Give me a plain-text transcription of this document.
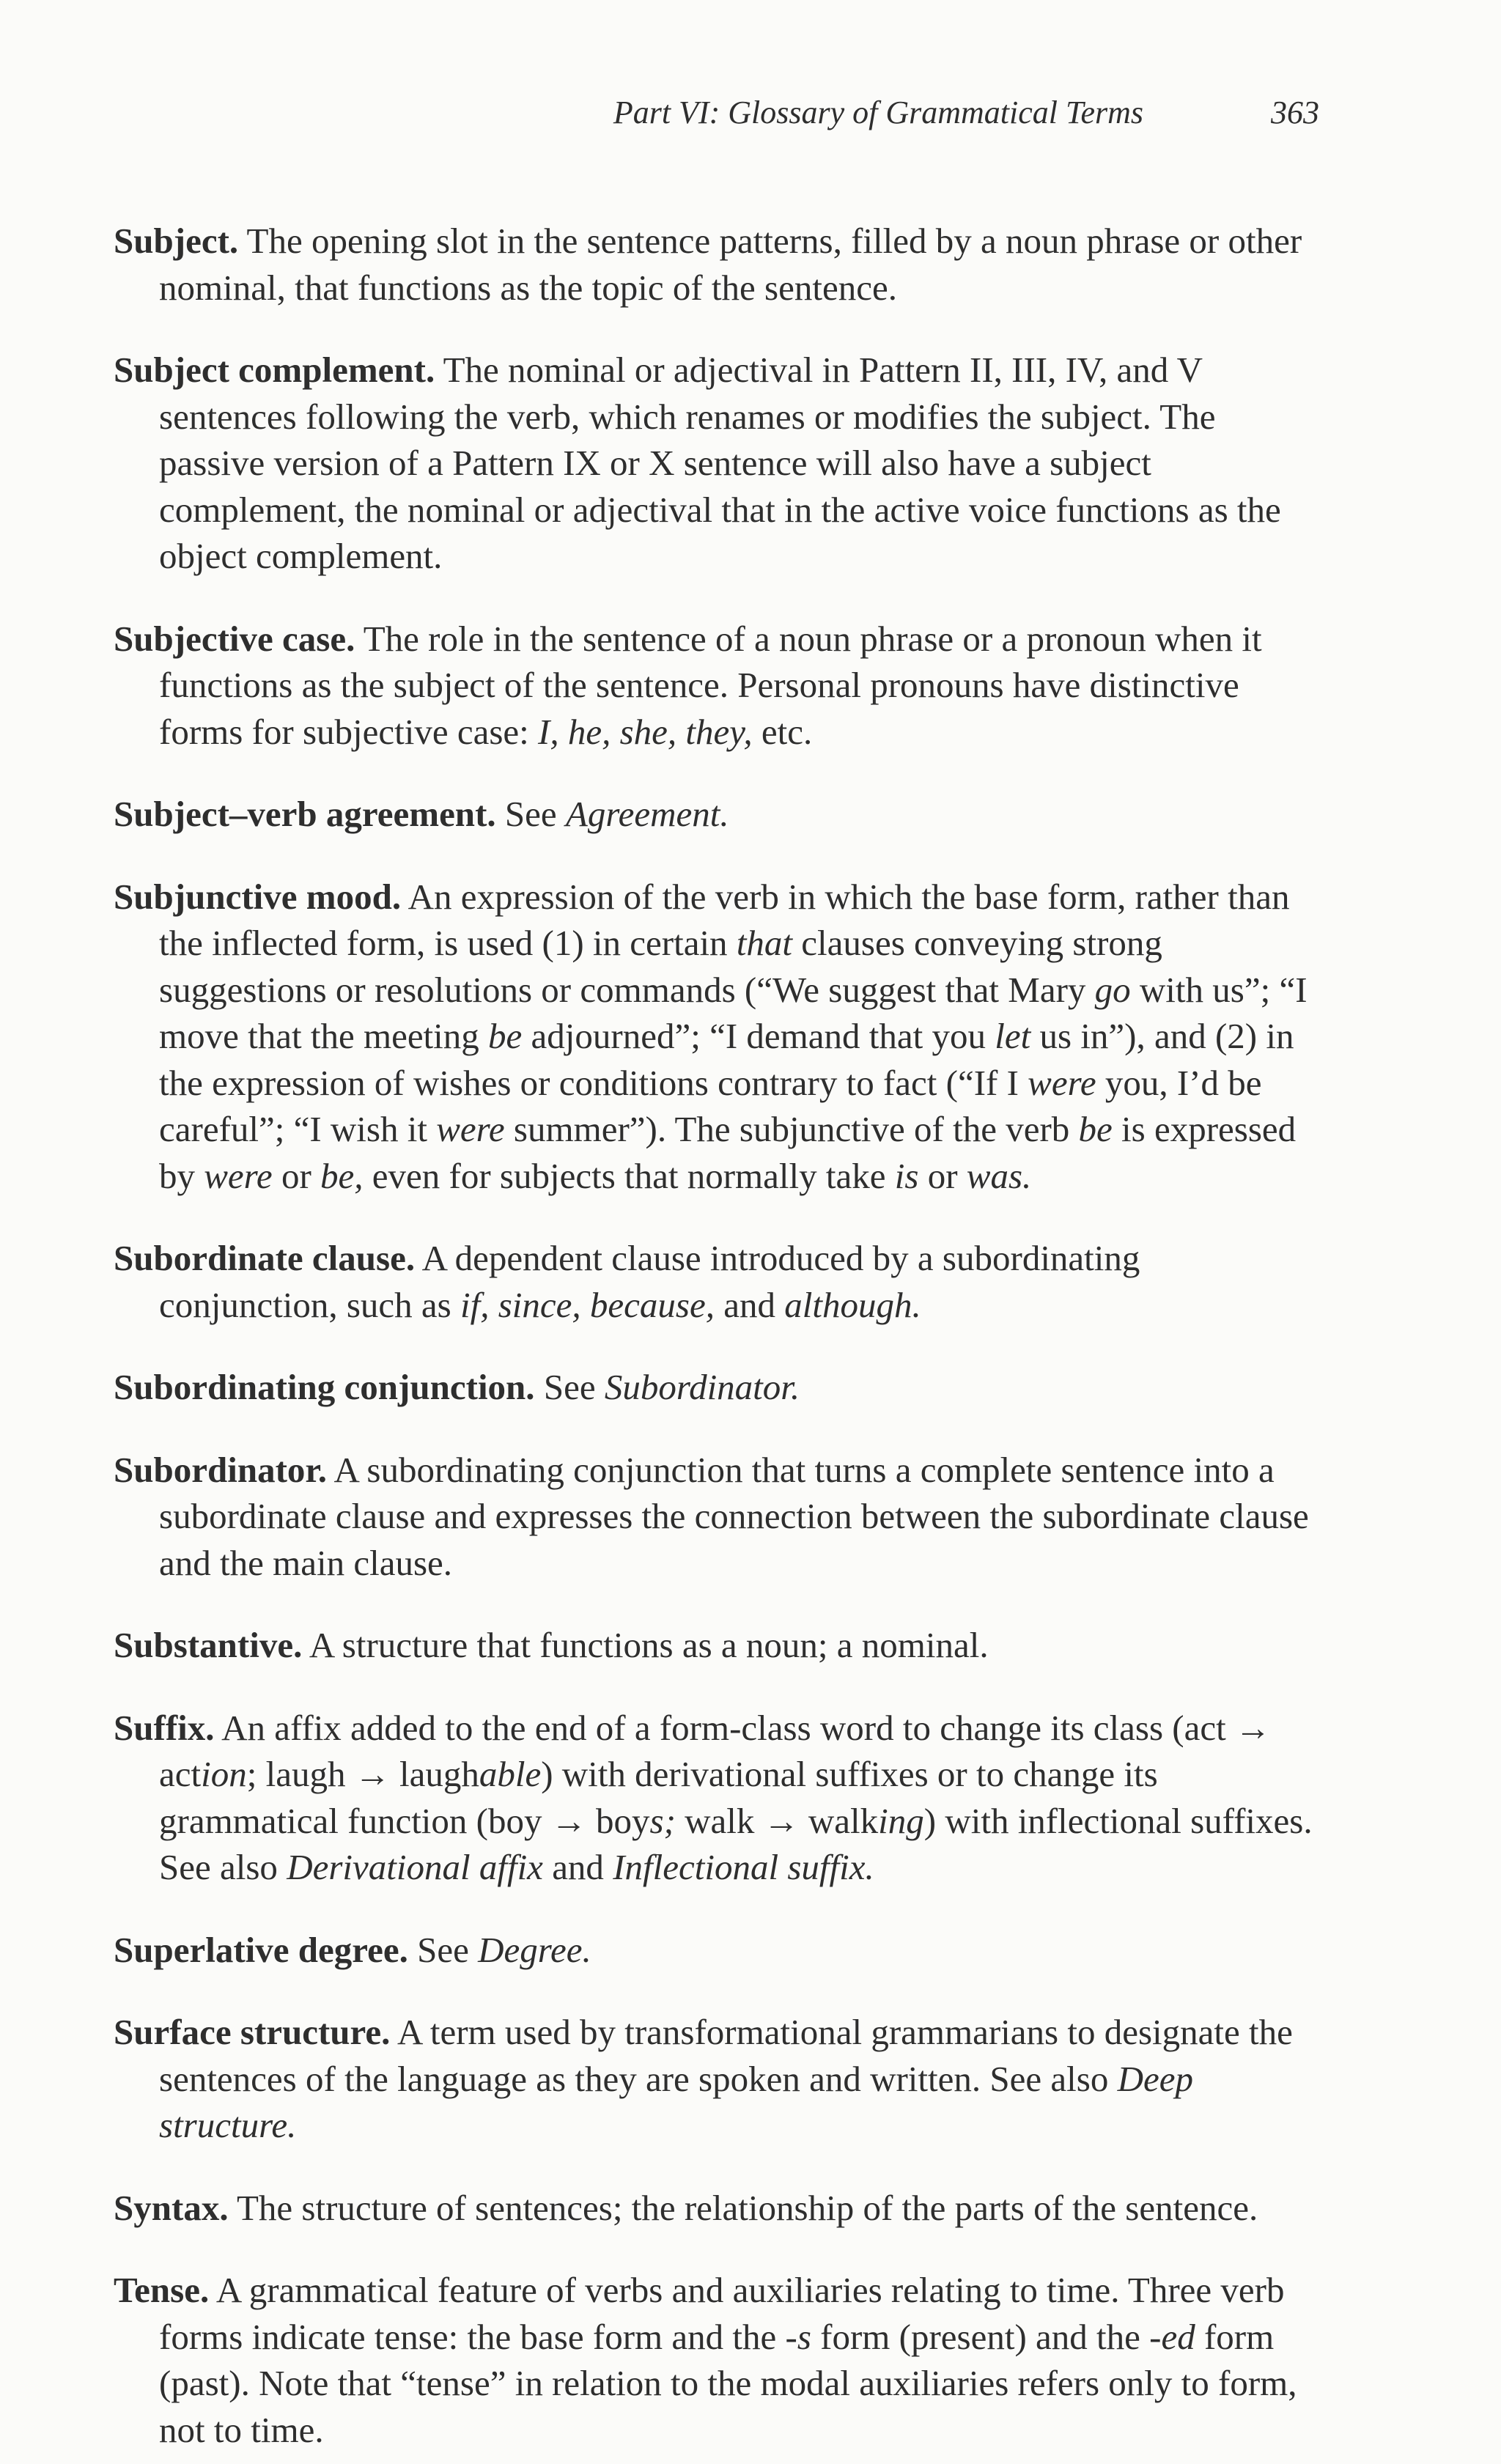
Part VI: Glossary of Grammatical Terms	363

Subject. The opening slot in the sentence patterns, filled by a noun phrase or other nominal, that functions as the topic of the sentence.

Subject complement. The nominal or adjectival in Pattern II, III, IV, and V sentences following the verb, which renames or modifies the subject. The passive version of a Pattern IX or X sentence will also have a subject complement, the nominal or adjectival that in the active voice functions as the object complement.

Subjective case. The role in the sentence of a noun phrase or a pronoun when it functions as the subject of the sentence. Personal pronouns have distinctive forms for subjective case: I, he, she, they, etc.

Subject–verb agreement. See Agreement.

Subjunctive mood. An expression of the verb in which the base form, rather than the inflected form, is used (1) in certain that clauses conveying strong suggestions or resolutions or commands (“We suggest that Mary go with us”; “I move that the meeting be adjourned”; “I demand that you let us in”), and (2) in the expression of wishes or conditions contrary to fact (“If I were you, I’d be careful”; “I wish it were summer”). The subjunctive of the verb be is expressed by were or be, even for subjects that normally take is or was.

Subordinate clause. A dependent clause introduced by a subordinating conjunction, such as if, since, because, and although.

Subordinating conjunction. See Subordinator.

Subordinator. A subordinating conjunction that turns a complete sentence into a subordinate clause and expresses the connection between the subordinate clause and the main clause.

Substantive. A structure that functions as a noun; a nominal.

Suffix. An affix added to the end of a form-class word to change its class (act → action; laugh → laughable) with derivational suffixes or to change its grammatical function (boy → boys; walk → walking) with inflectional suffixes. See also Derivational affix and Inflectional suffix.

Superlative degree. See Degree.

Surface structure. A term used by transformational grammarians to designate the sentences of the language as they are spoken and written. See also Deep structure.

Syntax. The structure of sentences; the relationship of the parts of the sentence.

Tense. A grammatical feature of verbs and auxiliaries relating to time. Three verb forms indicate tense: the base form and the -s form (present) and the -ed form (past). Note that “tense” in relation to the modal auxiliaries refers only to form, not to time.
